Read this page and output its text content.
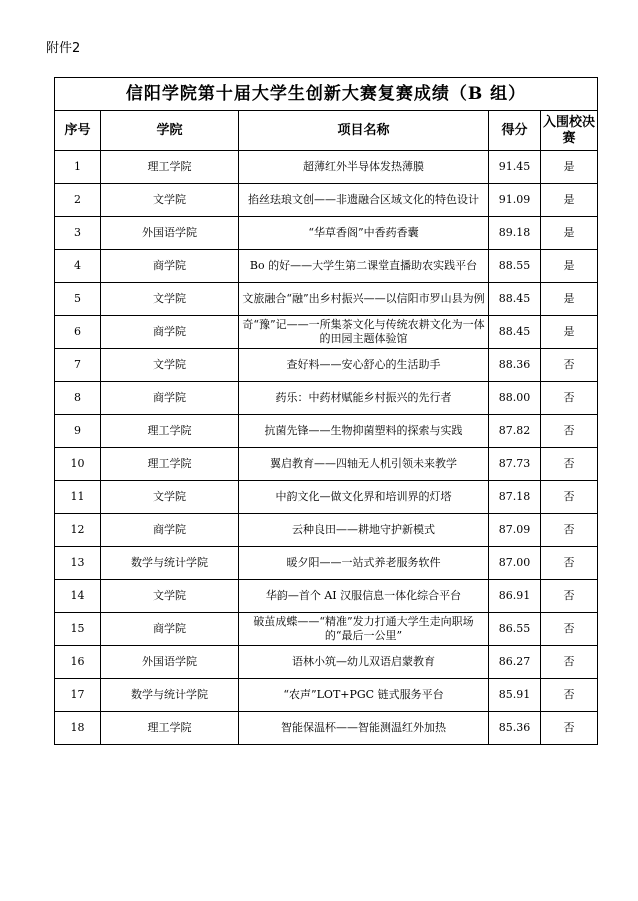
附件2
信阳学院第十届大学生创新大赛复赛成绩（B 组）				
序号	学院	项目名称	得分	入围校决赛
1	理工学院	超薄红外半导体发热薄膜	91.45	是
2	文学院	掐丝珐琅文创——非遗融合区域文化的特色设计	91.09	是
3	外国语学院	“华草香阁”中香药香囊	89.18	是
4	商学院	Bo 的好——大学生第二课堂直播助农实践平台	88.55	是
5	文学院	文旅融合“融”出乡村振兴——以信阳市罗山县为例	88.45	是
6	商学院	奇“豫”记——一所集茶文化与传统农耕文化为一体的田园主题体验馆	88.45	是
7	文学院	查好料——安心舒心的生活助手	88.36	否
8	商学院	药乐：中药材赋能乡村振兴的先行者	88.00	否
9	理工学院	抗菌先锋——生物抑菌塑料的探索与实践	87.82	否
10	理工学院	翼启教育——四轴无人机引领未来教学	87.73	否
11	文学院	中韵文化—做文化界和培训界的灯塔	87.18	否
12	商学院	云种良田——耕地守护新模式	87.09	否
13	数学与统计学院	暖夕阳——一站式养老服务软件	87.00	否
14	文学院	华韵—首个 AI 汉服信息一体化综合平台	86.91	否
15	商学院	破茧成蝶——“精准”发力打通大学生走向职场的“最后一公里”	86.55	否
16	外国语学院	语林小筑—幼儿双语启蒙教育	86.27	否
17	数学与统计学院	“农声”LOT+PGC 链式服务平台	85.91	否
18	理工学院	智能保温杯——智能测温红外加热	85.36	否
